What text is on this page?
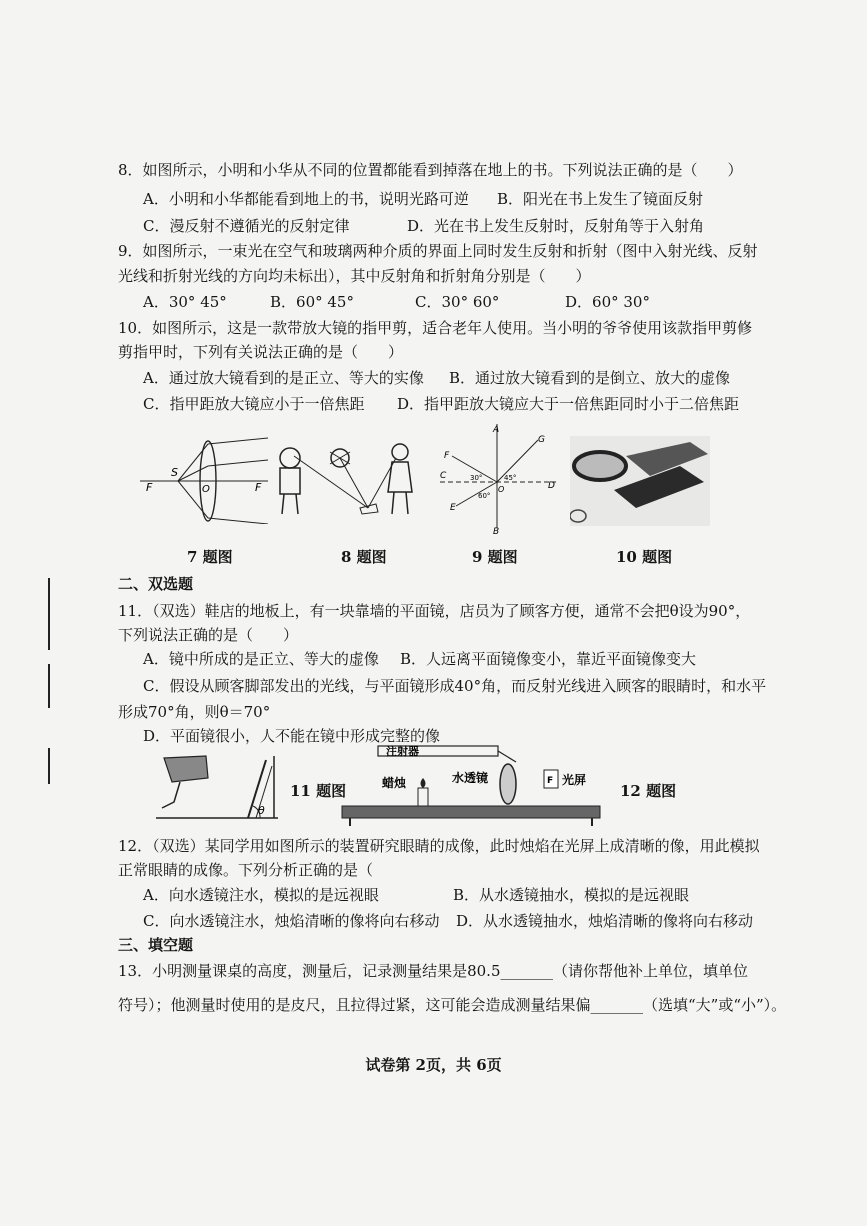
8．如图所示，小明和小华从不同的位置都能看到掉落在地上的书。下列说法正确的是（　　）
A．小明和小华都能看到地上的书，说明光路可逆 B．阳光在书上发生了镜面反射
C．漫反射不遵循光的反射定律	D．光在书上发生反射时，反射角等于入射角
9．如图所示，一束光在空气和玻璃两种介质的界面上同时发生反射和折射（图中入射光线、反射
光线和折射光线的方向均未标出），其中反射角和折射角分别是（　　）
A．30° 45°	B．60° 45°	C．30° 60°	D．60° 30°
10．如图所示，这是一款带放大镜的指甲剪，适合老年人使用。当小明的爷爷使用该款指甲剪修
剪指甲时，下列有关说法正确的是（　　）
A．通过放大镜看到的是正立、等大的实像 B．通过放大镜看到的是倒立、放大的虚像
C．指甲距放大镜应小于一倍焦距 D．指甲距放大镜应大于一倍焦距同时小于二倍焦距
F
S
O	F
A
B
C
D
E
F
G
O
30°	45°
60°
7 题图	8 题图	9 题图	10 题图
二、双选题
11．（双选）鞋店的地板上，有一块靠墙的平面镜，店员为了顾客方便，通常不会把θ设为90°，
下列说法正确的是（　　）
A．镜中所成的是正立、等大的虚像 B．人远离平面镜像变小，靠近平面镜像变大
C．假设从顾客脚部发出的光线，与平面镜形成40°角，而反射光线进入顾客的眼睛时，和水平
形成70°角，则θ＝70°
D．平面镜很小，人不能在镜中形成完整的像
θ
11 题图
注射器
F
蜡烛	水透镜	光屏
12 题图
12．（双选）某同学用如图所示的装置研究眼睛的成像，此时烛焰在光屏上成清晰的像，用此模拟
正常眼睛的成像。下列分析正确的是（
A．向水透镜注水，模拟的是远视眼	B．从水透镜抽水，模拟的是远视眼
C．向水透镜注水，烛焰清晰的像将向右移动 D．从水透镜抽水，烛焰清晰的像将向右移动
三、填空题
13．小明测量课桌的高度，测量后，记录测量结果是80.5_______（请你帮他补上单位，填单位
符号）；他测量时使用的是皮尺，且拉得过紧，这可能会造成测量结果偏_______（选填“大”或“小”）。
试卷第 2页，共 6页
